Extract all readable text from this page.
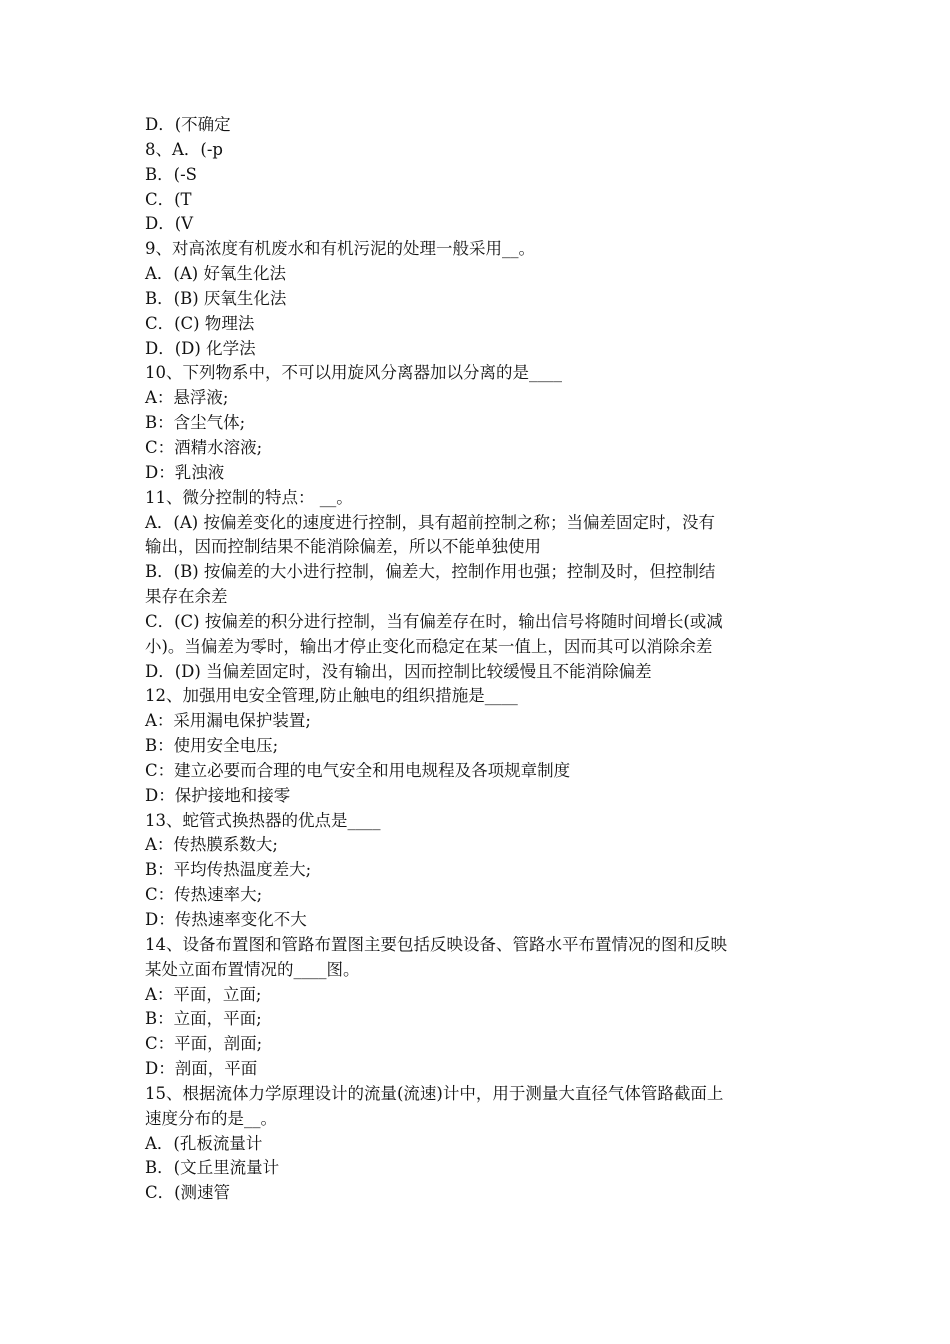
D．(不确定
8、A．(-p
B．(-S
C．(T
D．(V
9、对高浓度有机废水和有机污泥的处理一般采用__。
A．(A) 好氧生化法
B．(B) 厌氧生化法
C．(C) 物理法
D．(D) 化学法
10、下列物系中，不可以用旋风分离器加以分离的是____
A：悬浮液;
B：含尘气体;
C：酒精水溶液;
D：乳浊液
11、微分控制的特点： __。
A．(A) 按偏差变化的速度进行控制，具有超前控制之称；当偏差固定时，没有
输出，因而控制结果不能消除偏差，所以不能单独使用
B．(B) 按偏差的大小进行控制，偏差大，控制作用也强；控制及时，但控制结
果存在余差
C．(C) 按偏差的积分进行控制，当有偏差存在时，输出信号将随时间增长(或减
小)。当偏差为零时，输出才停止变化而稳定在某一值上，因而其可以消除余差
D．(D) 当偏差固定时，没有输出，因而控制比较缓慢且不能消除偏差
12、加强用电安全管理,防止触电的组织措施是____
A：采用漏电保护装置;
B：使用安全电压;
C：建立必要而合理的电气安全和用电规程及各项规章制度
D：保护接地和接零
13、蛇管式换热器的优点是____
A：传热膜系数大;
B：平均传热温度差大;
C：传热速率大;
D：传热速率变化不大
14、设备布置图和管路布置图主要包括反映设备、管路水平布置情况的图和反映
某处立面布置情况的____图。
A：平面，立面;
B：立面，平面;
C：平面，剖面;
D：剖面，平面
15、根据流体力学原理设计的流量(流速)计中，用于测量大直径气体管路截面上
速度分布的是__。
A．(孔板流量计
B．(文丘里流量计
C．(测速管
